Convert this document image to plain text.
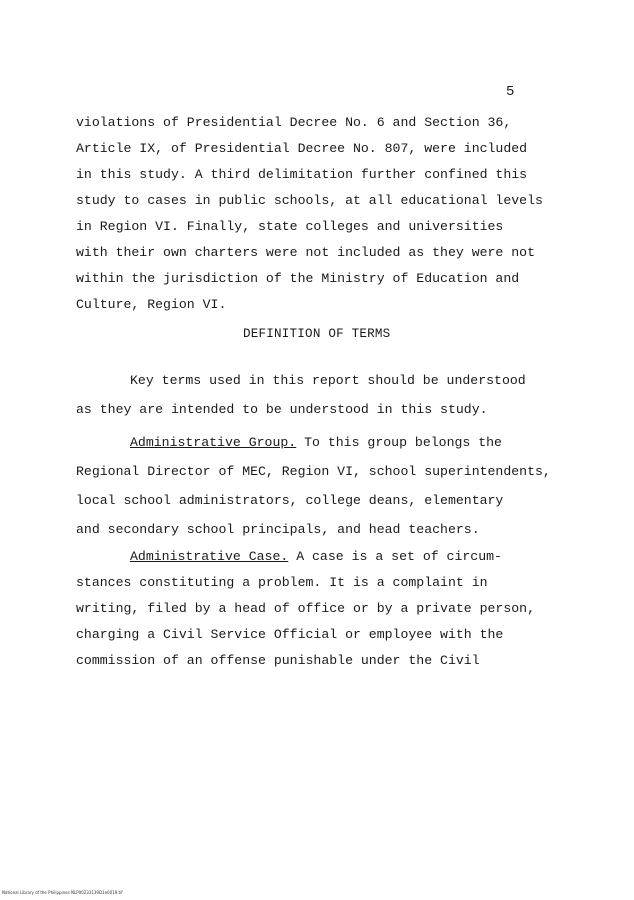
5
violations of Presidential Decree No. 6 and Section 36,
Article IX, of Presidential Decree No. 807, were included
in this study. A third delimitation further confined this
study to cases in public schools, at all educational levels
in Region VI. Finally, state colleges and universities
with their own charters were not included as they were not
within the jurisdiction of the Ministry of Education and
Culture, Region VI.
DEFINITION OF TERMS
Key terms used in this report should be understood
as they are intended to be understood in this study.
Administrative Group. To this group belongs the
Regional Director of MEC, Region VI, school superintendents,
local school administrators, college deans, elementary
and secondary school principals, and head teachers.
Administrative Case. A case is a set of circum-
stances constituting a problem. It is a complaint in
writing, filed by a head of office or by a private person,
charging a Civil Service Official or employee with the
commission of an offense punishable under the Civil
National Library of the Philippines NLP00233139D1e0019.tif
